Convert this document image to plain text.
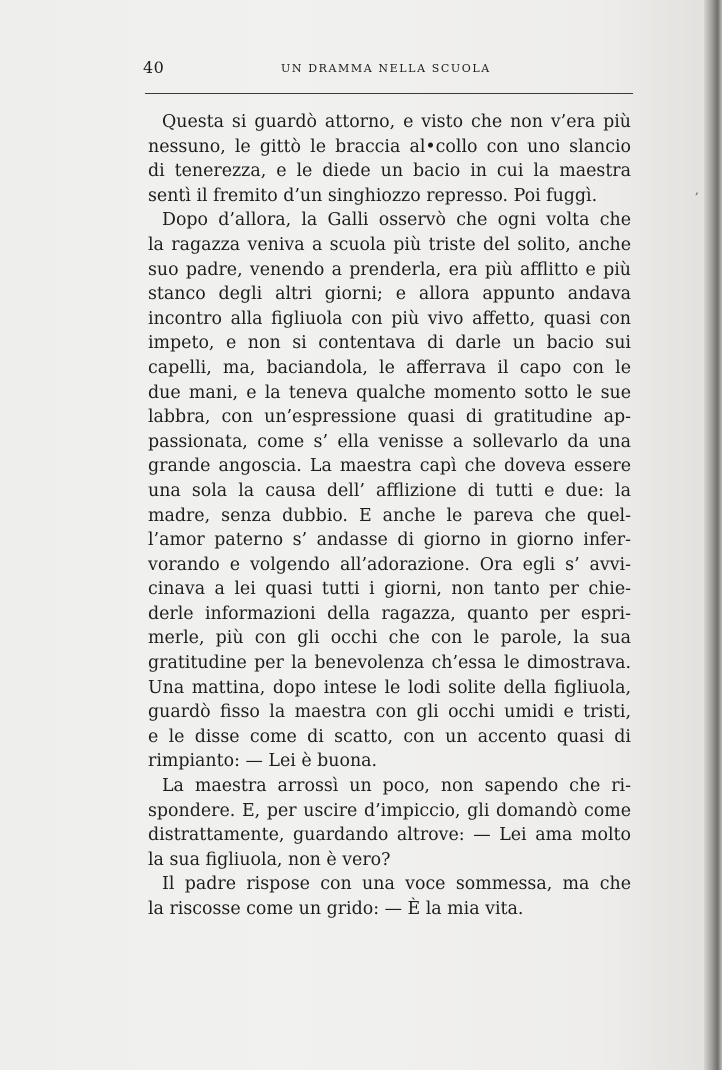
40	UN DRAMMA NELLA SCUOLA
Questa si guardò attorno, e visto che non v’era più
nessuno, le gittò le braccia al•collo con uno slancio
di tenerezza, e le diede un bacio in cui la maestra
sentì il fremito d’un singhiozzo represso. Poi fuggì.
Dopo d’allora, la Galli osservò che ogni volta che
la ragazza veniva a scuola più triste del solito, anche
suo padre, venendo a prenderla, era più afflitto e più
stanco degli altri giorni; e allora appunto andava
incontro alla figliuola con più vivo affetto, quasi con
impeto, e non si contentava di darle un bacio sui
capelli, ma, baciandola, le afferrava il capo con le
due mani, e la teneva qualche momento sotto le sue
labbra, con un’espressione quasi di gratitudine ap-
passionata, come s’ ella venisse a sollevarlo da una
grande angoscia. La maestra capì che doveva essere
una sola la causa dell’ afflizione di tutti e due: la
madre, senza dubbio. E anche le pareva che quel-
l’amor paterno s’ andasse di giorno in giorno infer-
vorando e volgendo all’adorazione. Ora egli s’ avvi-
cinava a lei quasi tutti i giorni, non tanto per chie-
derle informazioni della ragazza, quanto per espri-
merle, più con gli occhi che con le parole, la sua
gratitudine per la benevolenza ch’essa le dimostrava.
Una mattina, dopo intese le lodi solite della figliuola,
guardò fisso la maestra con gli occhi umidi e tristi,
e le disse come di scatto, con un accento quasi di
rimpianto: — Lei è buona.
La maestra arrossì un poco, non sapendo che ri-
spondere. E, per uscire d’impiccio, gli domandò come
distrattamente, guardando altrove: — Lei ama molto
la sua figliuola, non è vero?
Il padre rispose con una voce sommessa, ma che
la riscosse come un grido: — È la mia vita.
,
